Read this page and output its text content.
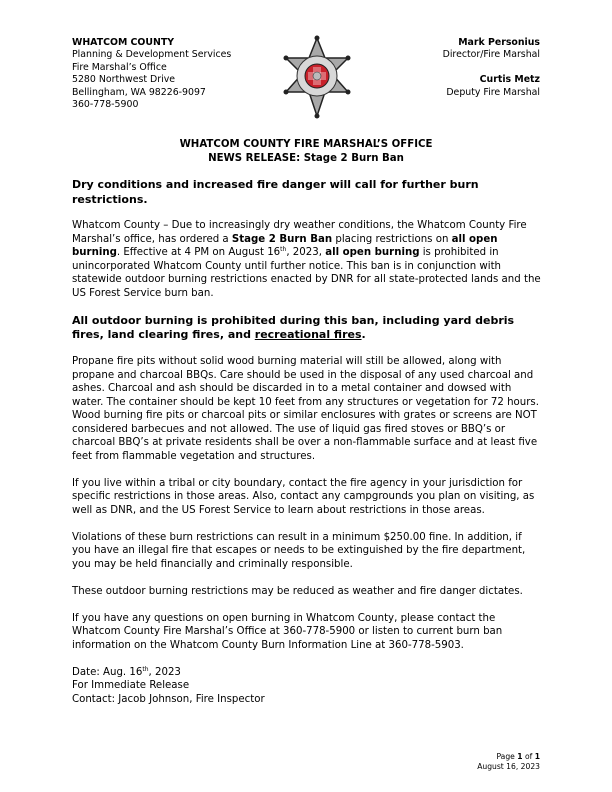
WHATCOM COUNTY
Planning & Development Services
Fire Marshal’s Office
5280 Northwest Drive
Bellingham, WA 98226-9097
360-778-5900
Mark Personius
Director/Fire Marshal
Curtis Metz
Deputy Fire Marshal
WHATCOM COUNTY FIRE MARSHAL’S OFFICE
NEWS RELEASE: Stage 2 Burn Ban

Dry conditions and increased fire danger will call for further burn restrictions.

Whatcom County – Due to increasingly dry weather conditions, the Whatcom County Fire Marshal’s office, has ordered a Stage 2 Burn Ban placing restrictions on all open burning. Effective at 4 PM on August 16th, 2023, all open burning is prohibited in unincorporated Whatcom County until further notice. This ban is in conjunction with statewide outdoor burning restrictions enacted by DNR for all state-protected lands and the US Forest Service burn ban.

All outdoor burning is prohibited during this ban, including yard debris fires, land clearing fires, and recreational fires.

Propane fire pits without solid wood burning material will still be allowed, along with propane and charcoal BBQs. Care should be used in the disposal of any used charcoal and ashes. Charcoal and ash should be discarded in to a metal container and dowsed with water. The container should be kept 10 feet from any structures or vegetation for 72 hours. Wood burning fire pits or charcoal pits or similar enclosures with grates or screens are NOT considered barbecues and not allowed. The use of liquid gas fired stoves or BBQ’s or charcoal BBQ’s at private residents shall be over a non-flammable surface and at least five feet from flammable vegetation and structures.

If you live within a tribal or city boundary, contact the fire agency in your jurisdiction for specific restrictions in those areas. Also, contact any campgrounds you plan on visiting, as well as DNR, and the US Forest Service to learn about restrictions in those areas.

Violations of these burn restrictions can result in a minimum $250.00 fine. In addition, if you have an illegal fire that escapes or needs to be extinguished by the fire department, you may be held financially and criminally responsible.

These outdoor burning restrictions may be reduced as weather and fire danger dictates.

If you have any questions on open burning in Whatcom County, please contact the Whatcom County Fire Marshal’s Office at 360-778-5900 or listen to current burn ban information on the Whatcom County Burn Information Line at 360-778-5903.

Date: Aug. 16th, 2023
For Immediate Release
Contact: Jacob Johnson, Fire Inspector
Page 1 of 1
August 16, 2023
